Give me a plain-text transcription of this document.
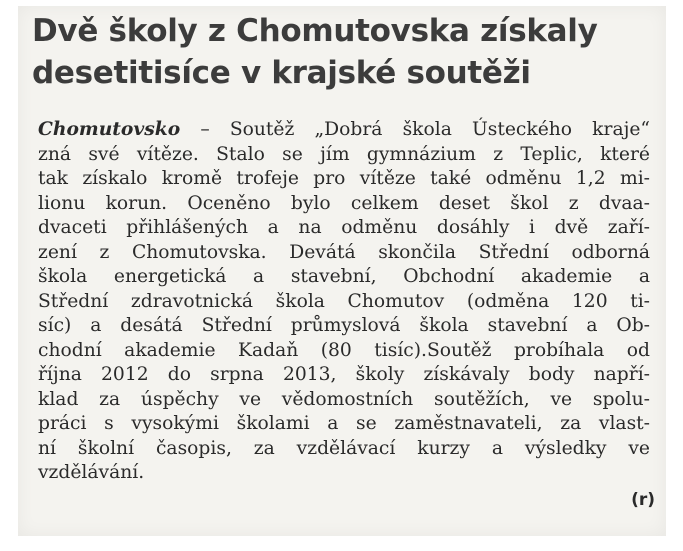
Dvě školy z Chomutovska získaly
desetitisíce v krajské soutěži
Chomutovsko – Soutěž „Dobrá škola Ústeckého kraje“
zná své vítěze. Stalo se jím gymnázium z Teplic, které
tak získalo kromě trofeje pro vítěze také odměnu 1,2 mi-
lionu korun. Oceněno bylo celkem deset škol z dvaa-
dvaceti přihlášených a na odměnu dosáhly i dvě zaří-
zení z Chomutovska. Devátá skončila Střední odborná
škola energetická a stavební, Obchodní akademie a
Střední zdravotnická škola Chomutov (odměna 120 ti-
síc) a desátá Střední průmyslová škola stavební a Ob-
chodní akademie Kadaň (80 tisíc).Soutěž probíhala od
října 2012 do srpna 2013, školy získávaly body napří-
klad za úspěchy ve vědomostních soutěžích, ve spolu-
práci s vysokými školami a se zaměstnavateli, za vlast-
ní školní časopis, za vzdělávací kurzy a výsledky ve
vzdělávání.
(r)
